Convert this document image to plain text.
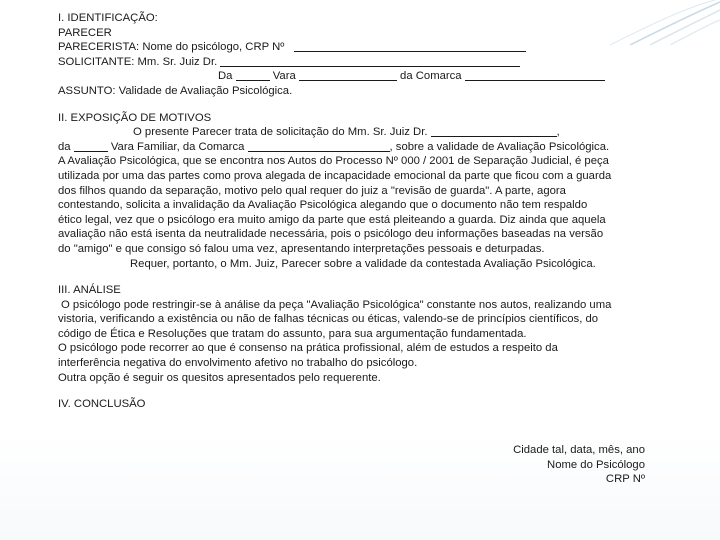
I. IDENTIFICAÇÃO:

PARECER

PARECERISTA: Nome do psicólogo, CRP Nº

SOLICITANTE: Mm. Sr. Juiz Dr.

Da	Vara	da Comarca

ASSUNTO: Validade de Avaliação Psicológica.

II. EXPOSIÇÃO DE MOTIVOS

O presente Parecer trata de solicitação do Mm. Sr. Juiz Dr.	,

da	Vara Familiar, da Comarca	, sobre a validade de Avaliação Psicológica.

A Avaliação Psicológica, que se encontra nos Autos do Processo Nº 000 / 2001 de Separação Judicial, é peça

utilizada por uma das partes como prova alegada de incapacidade emocional da parte que ficou com a guarda

dos filhos quando da separação, motivo pelo qual requer do juiz a "revisão de guarda". A parte, agora

contestando, solicita a invalidação da Avaliação Psicológica alegando que o documento não tem respaldo

ético legal, vez que o psicólogo era muito amigo da parte que está pleiteando a guarda. Diz ainda que aquela

avaliação não está isenta da neutralidade necessária, pois o psicólogo deu informações baseadas na versão

do "amigo" e que consigo só falou uma vez, apresentando interpretações pessoais e deturpadas.

Requer, portanto, o Mm. Juiz, Parecer sobre a validade da contestada Avaliação Psicológica.

III. ANÁLISE

O psicólogo pode restringir-se à análise da peça "Avaliação Psicológica" constante nos autos, realizando uma

vistoria, verificando a existência ou não de falhas técnicas ou éticas, valendo-se de princípios científicos, do

código de Ética e Resoluções que tratam do assunto, para sua argumentação fundamentada.

O psicólogo pode recorrer ao que é consenso na prática profissional, além de estudos a respeito da

interferência negativa do envolvimento afetivo no trabalho do psicólogo.

Outra opção é seguir os quesitos apresentados pelo requerente.

IV. CONCLUSÃO

Cidade tal, data, mês, ano

Nome do Psicólogo

CRP Nº
